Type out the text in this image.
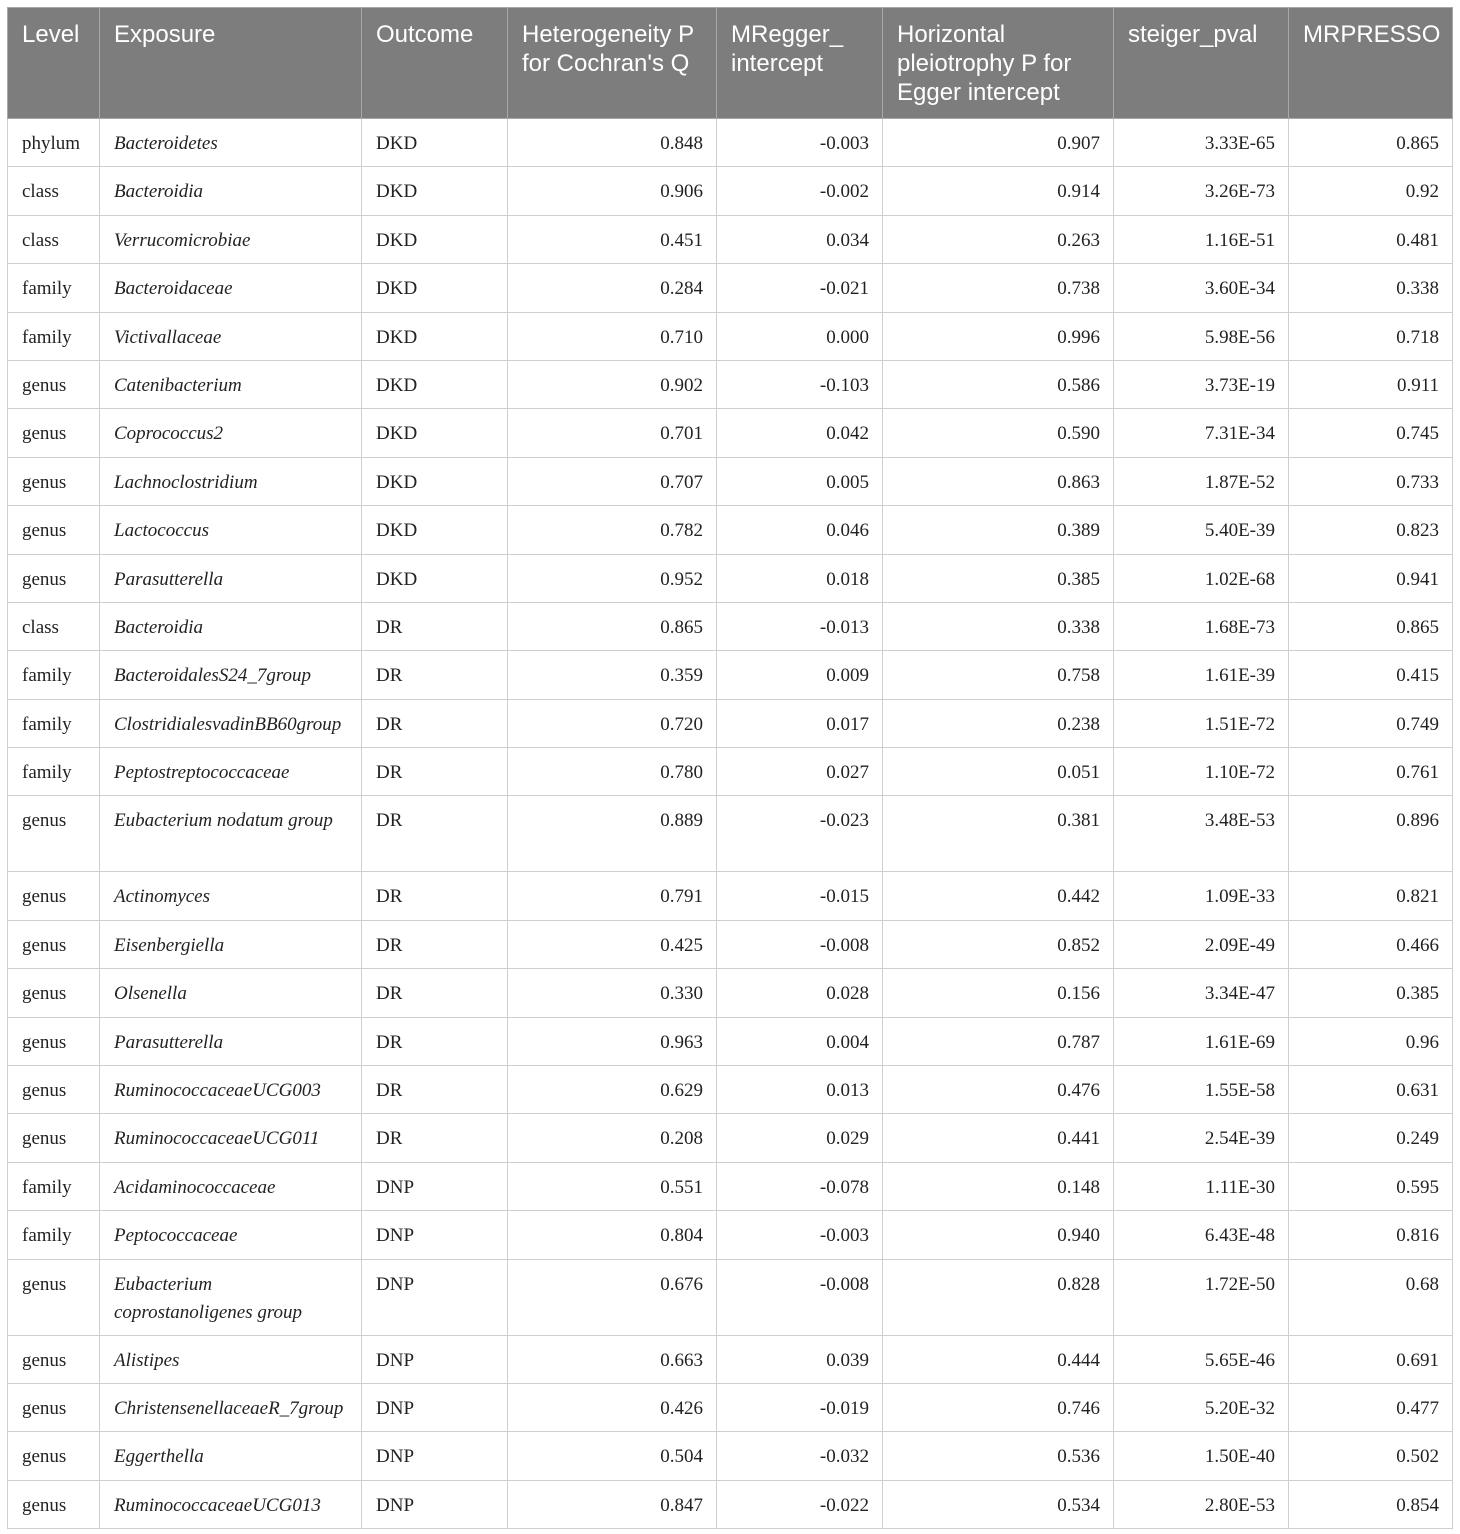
Level	Exposure	Outcome	Heterogeneity P for Cochran's Q	MRegger_ intercept	Horizontal pleiotrophy P for Egger intercept	steiger_pval	MRPRESSO
phylum	Bacteroidetes	DKD	0.848	-0.003	0.907	3.33E-65	0.865
class	Bacteroidia	DKD	0.906	-0.002	0.914	3.26E-73	0.92
class	Verrucomicrobiae	DKD	0.451	0.034	0.263	1.16E-51	0.481
family	Bacteroidaceae	DKD	0.284	-0.021	0.738	3.60E-34	0.338
family	Victivallaceae	DKD	0.710	0.000	0.996	5.98E-56	0.718
genus	Catenibacterium	DKD	0.902	-0.103	0.586	3.73E-19	0.911
genus	Coprococcus2	DKD	0.701	0.042	0.590	7.31E-34	0.745
genus	Lachnoclostridium	DKD	0.707	0.005	0.863	1.87E-52	0.733
genus	Lactococcus	DKD	0.782	0.046	0.389	5.40E-39	0.823
genus	Parasutterella	DKD	0.952	0.018	0.385	1.02E-68	0.941
class	Bacteroidia	DR	0.865	-0.013	0.338	1.68E-73	0.865
family	BacteroidalesS24_7group	DR	0.359	0.009	0.758	1.61E-39	0.415
family	ClostridialesvadinBB60group	DR	0.720	0.017	0.238	1.51E-72	0.749
family	Peptostreptococcaceae	DR	0.780	0.027	0.051	1.10E-72	0.761
genus	Eubacterium nodatum group	DR	0.889	-0.023	0.381	3.48E-53	0.896
genus	Actinomyces	DR	0.791	-0.015	0.442	1.09E-33	0.821
genus	Eisenbergiella	DR	0.425	-0.008	0.852	2.09E-49	0.466
genus	Olsenella	DR	0.330	0.028	0.156	3.34E-47	0.385
genus	Parasutterella	DR	0.963	0.004	0.787	1.61E-69	0.96
genus	RuminococcaceaeUCG003	DR	0.629	0.013	0.476	1.55E-58	0.631
genus	RuminococcaceaeUCG011	DR	0.208	0.029	0.441	2.54E-39	0.249
family	Acidaminococcaceae	DNP	0.551	-0.078	0.148	1.11E-30	0.595
family	Peptococcaceae	DNP	0.804	-0.003	0.940	6.43E-48	0.816
genus	Eubacterium coprostanoligenes group	DNP	0.676	-0.008	0.828	1.72E-50	0.68
genus	Alistipes	DNP	0.663	0.039	0.444	5.65E-46	0.691
genus	ChristensenellaceaeR_7group	DNP	0.426	-0.019	0.746	5.20E-32	0.477
genus	Eggerthella	DNP	0.504	-0.032	0.536	1.50E-40	0.502
genus	RuminococcaceaeUCG013	DNP	0.847	-0.022	0.534	2.80E-53	0.854
